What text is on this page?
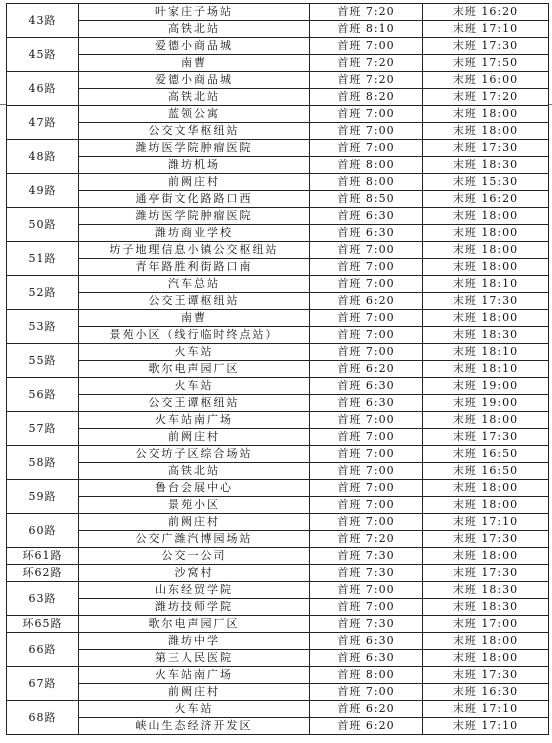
43路	叶家庄子场站	首班 7:20	末班 16:20
	高铁北站	首班 8:10	末班 17:10
45路	爱德小商品城	首班 7:00	末班 17:30
	南曹	首班 7:20	末班 17:50
46路	爱德小商品城	首班 7:20	末班 16:00
	高铁北站	首班 8:20	末班 17:20
47路	蓝领公寓	首班 7:00	末班 18:00
	公交文华枢纽站	首班 7:00	末班 18:00
48路	潍坊医学院肿瘤医院	首班 7:00	末班 17:30
	潍坊机场	首班 8:00	末班 18:30
49路	前阙庄村	首班 8:00	末班 15:30
	通亭街文化路路口西	首班 8:50	末班 16:20
50路	潍坊医学院肿瘤医院	首班 6:30	末班 18:00
	潍坊商业学校	首班 6:30	末班 18:00
51路	坊子地理信息小镇公交枢纽站	首班 7:00	末班 18:00
	青年路胜利街路口南	首班 7:00	末班 18:00
52路	汽车总站	首班 7:00	末班 18:10
	公交王谭枢纽站	首班 6:20	末班 17:30
53路	南曹	首班 7:00	末班 18:00
	景苑小区（线行临时终点站）	首班 7:00	末班 18:30
55路	火车站	首班 7:00	末班 18:10
	歌尔电声园厂区	首班 6:20	末班 18:10
56路	火车站	首班 6:30	末班 19:00
	公交王谭枢纽站	首班 6:30	末班 19:00
57路	火车站南广场	首班 7:00	末班 18:00
	前阙庄村	首班 7:00	末班 17:30
58路	公交坊子区综合场站	首班 7:00	末班 16:50
	高铁北站	首班 7:00	末班 16:50
59路	鲁台会展中心	首班 7:00	末班 18:00
	景苑小区	首班 7:00	末班 18:00
60路	前阙庄村	首班 7:00	末班 17:10
	公交广潍汽博园场站	首班 7:20	末班 17:30
环61路	公交一公司	首班 7:30	末班 18:00
环62路	沙窝村	首班 7:30	末班 17:30
63路	山东经贸学院	首班 7:00	末班 18:30
	潍坊技师学院	首班 7:00	末班 18:30
环65路	歌尔电声园厂区	首班 7:30	末班 17:00
66路	潍坊中学	首班 6:30	末班 18:00
	第三人民医院	首班 6:30	末班 18:00
67路	火车站南广场	首班 8:00	末班 17:30
	前阙庄村	首班 7:00	末班 16:30
68路	火车站	首班 6:20	末班 17:10
	峡山生态经济开发区	首班 6:20	末班 17:10
